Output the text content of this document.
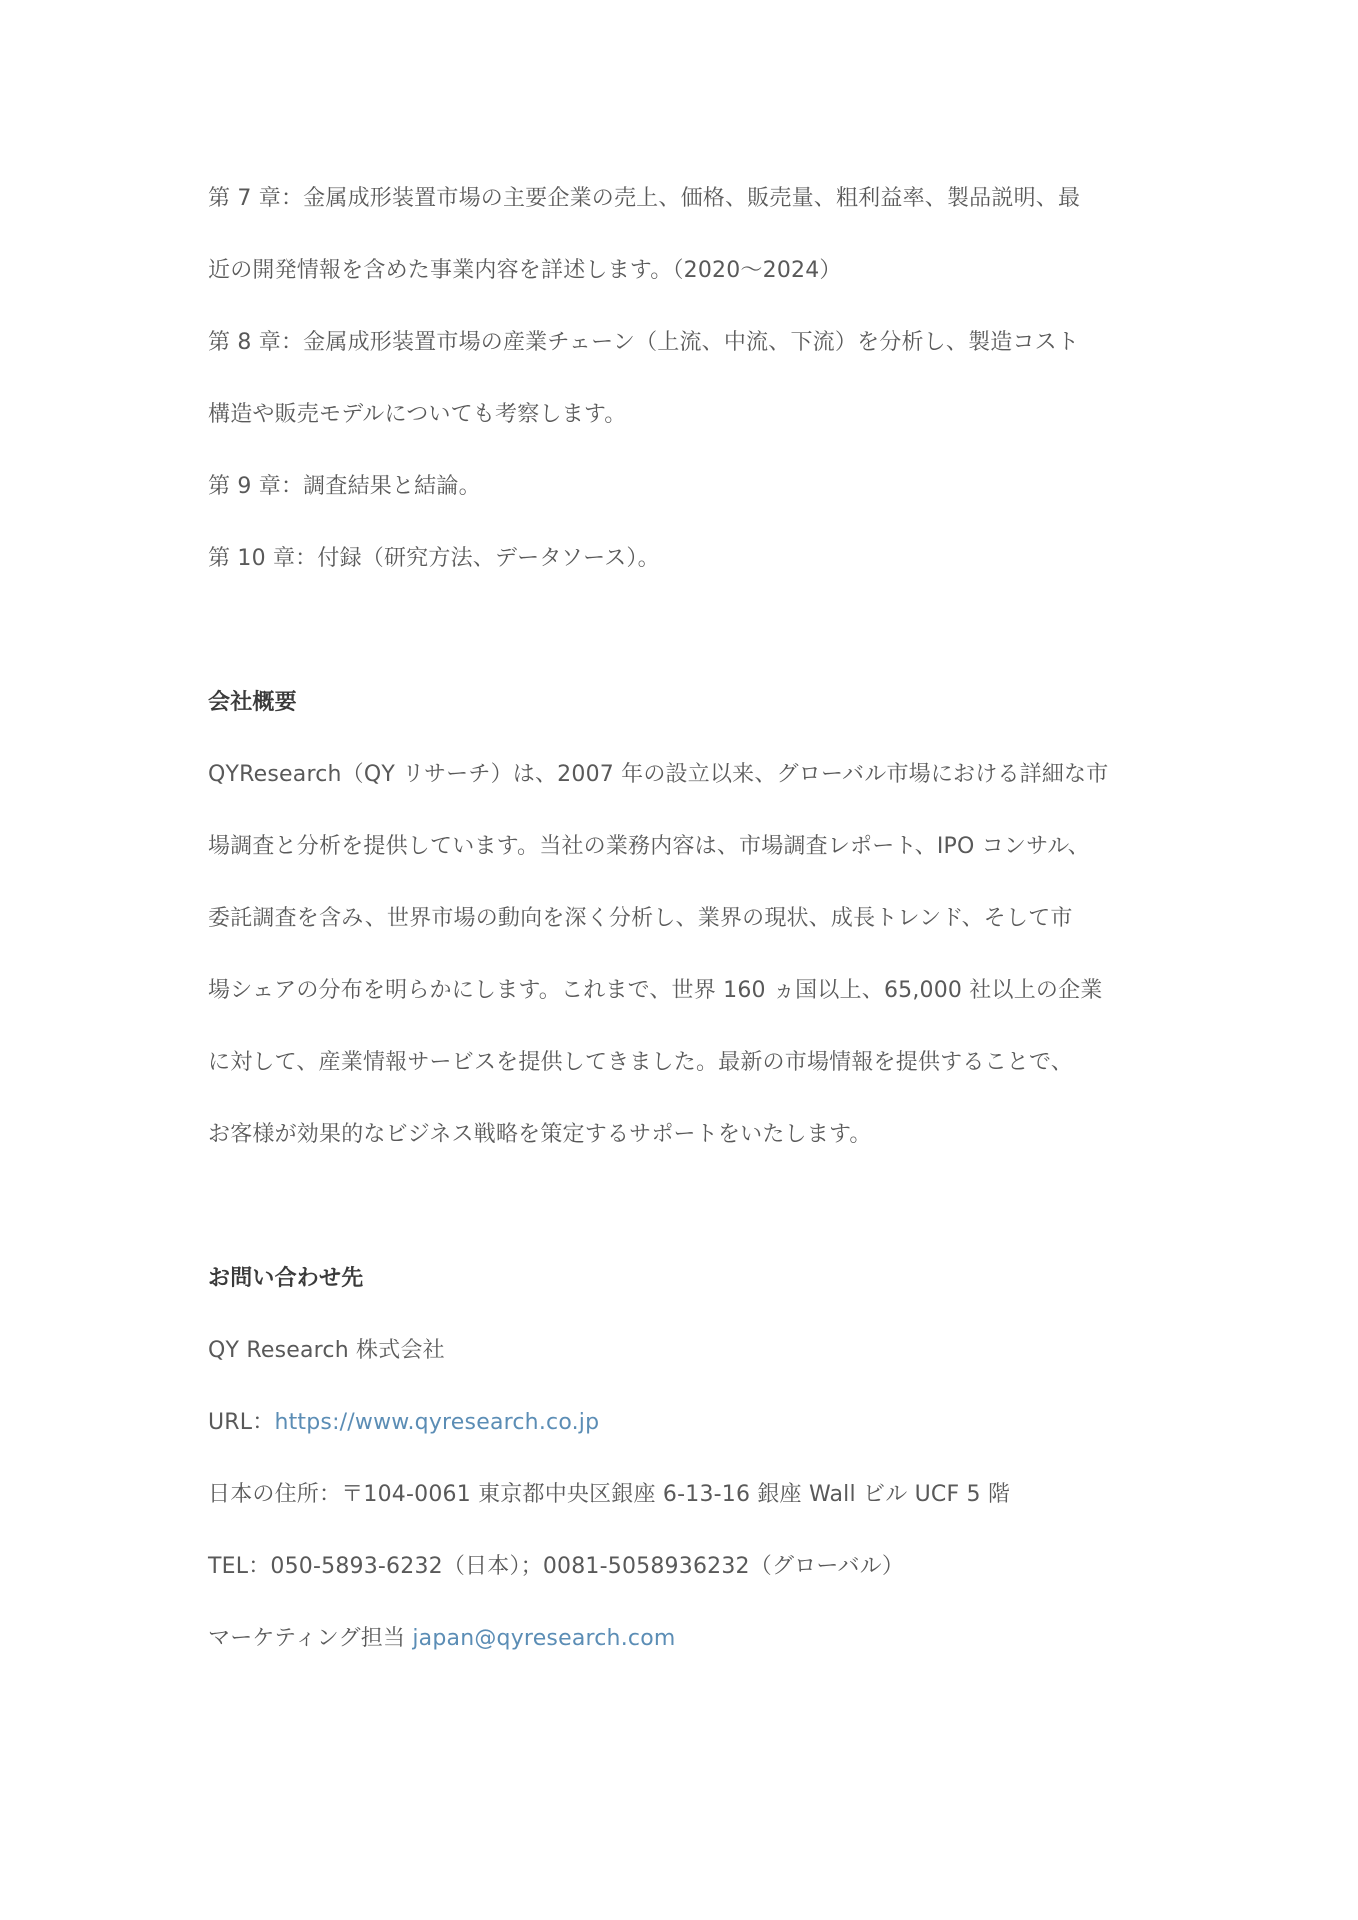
第 7 章：金属成形装置市場の主要企業の売上、価格、販売量、粗利益率、製品説明、最
近の開発情報を含めた事業内容を詳述します。（2020〜2024）
第 8 章：金属成形装置市場の産業チェーン（上流、中流、下流）を分析し、製造コスト
構造や販売モデルについても考察します。
第 9 章：調査結果と結論。
第 10 章：付録（研究方法、データソース）。
会社概要
QYResearch（QY リサーチ）は、2007 年の設立以来、グローバル市場における詳細な市
場調査と分析を提供しています。当社の業務内容は、市場調査レポート、IPO コンサル、
委託調査を含み、世界市場の動向を深く分析し、業界の現状、成長トレンド、そして市
場シェアの分布を明らかにします。これまで、世界 160 ヵ国以上、65,000 社以上の企業
に対して、産業情報サービスを提供してきました。最新の市場情報を提供することで、
お客様が効果的なビジネス戦略を策定するサポートをいたします。
お問い合わせ先
QY Research 株式会社
URL：https://www.qyresearch.co.jp
日本の住所：〒104-0061 東京都中央区銀座 6-13-16 銀座 Wall ビル UCF 5 階
TEL：050-5893-6232（日本）；0081-5058936232（グローバル）
マーケティング担当 japan@qyresearch.com
